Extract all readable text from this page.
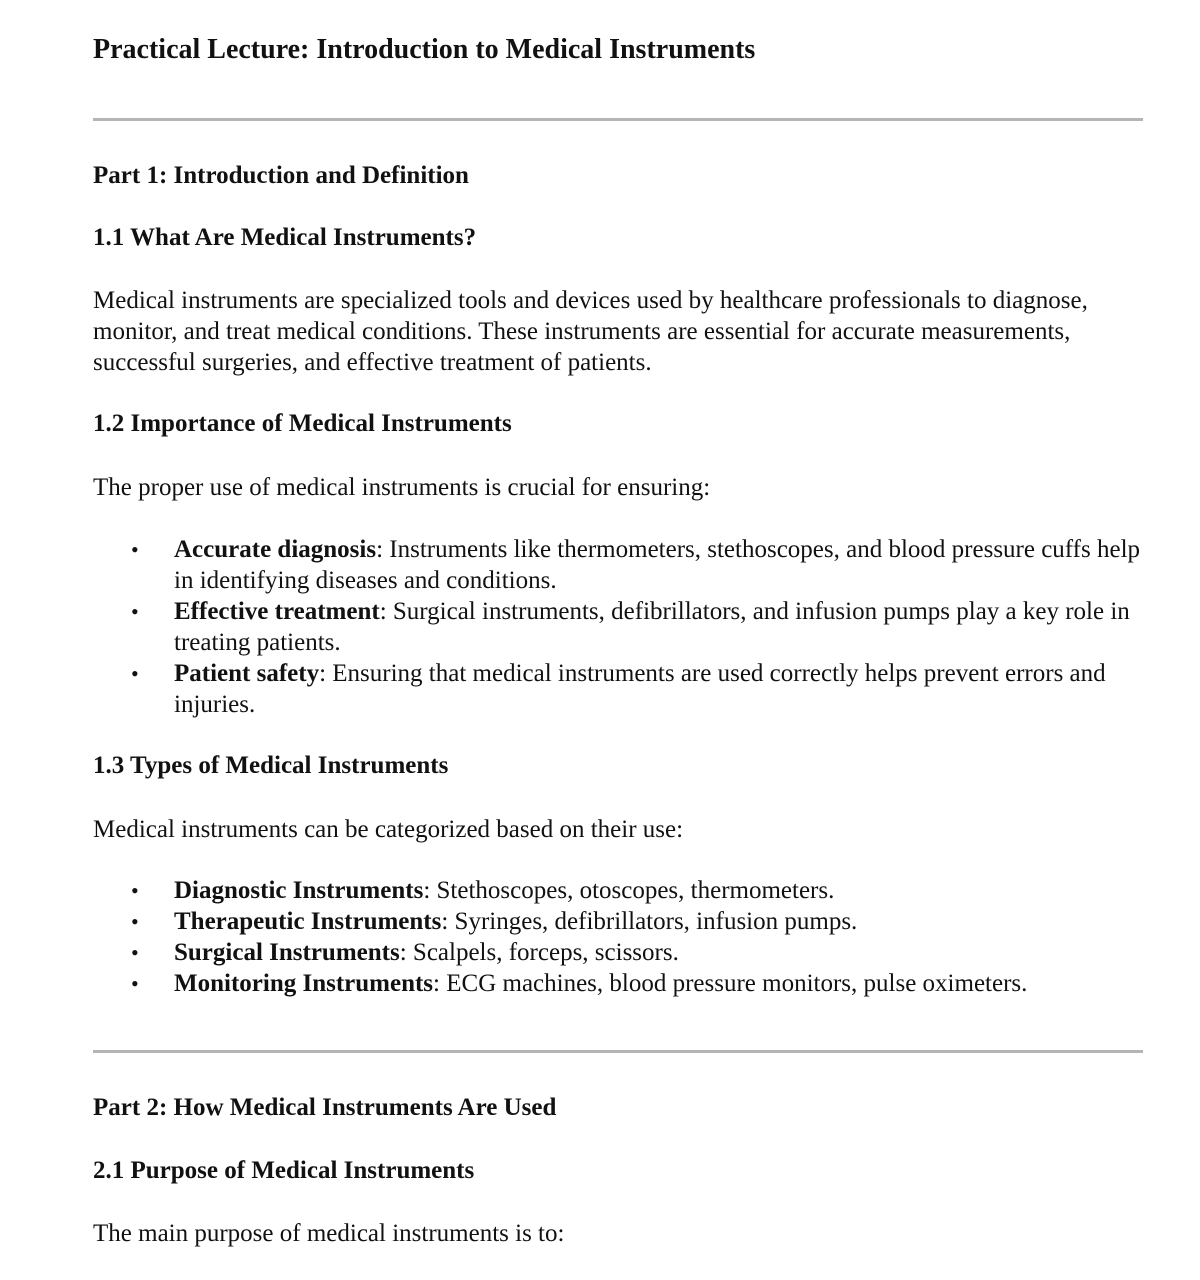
Practical Lecture: Introduction to Medical Instruments
Part 1: Introduction and Definition
1.1 What Are Medical Instruments?

Medical instruments are specialized tools and devices used by healthcare professionals to diagnose, monitor, and treat medical conditions. These instruments are essential for accurate measurements, successful surgeries, and effective treatment of patients.

1.2 Importance of Medical Instruments

The proper use of medical instruments is crucial for ensuring:

• Accurate diagnosis: Instruments like thermometers, stethoscopes, and blood pressure cuffs help in identifying diseases and conditions.
• Effective treatment: Surgical instruments, defibrillators, and infusion pumps play a key role in treating patients.
• Patient safety: Ensuring that medical instruments are used correctly helps prevent errors and injuries.
1.3 Types of Medical Instruments

Medical instruments can be categorized based on their use:

• Diagnostic Instruments: Stethoscopes, otoscopes, thermometers.
• Therapeutic Instruments: Syringes, defibrillators, infusion pumps.
• Surgical Instruments: Scalpels, forceps, scissors.
• Monitoring Instruments: ECG machines, blood pressure monitors, pulse oximeters.
Part 2: How Medical Instruments Are Used
2.1 Purpose of Medical Instruments

The main purpose of medical instruments is to:
